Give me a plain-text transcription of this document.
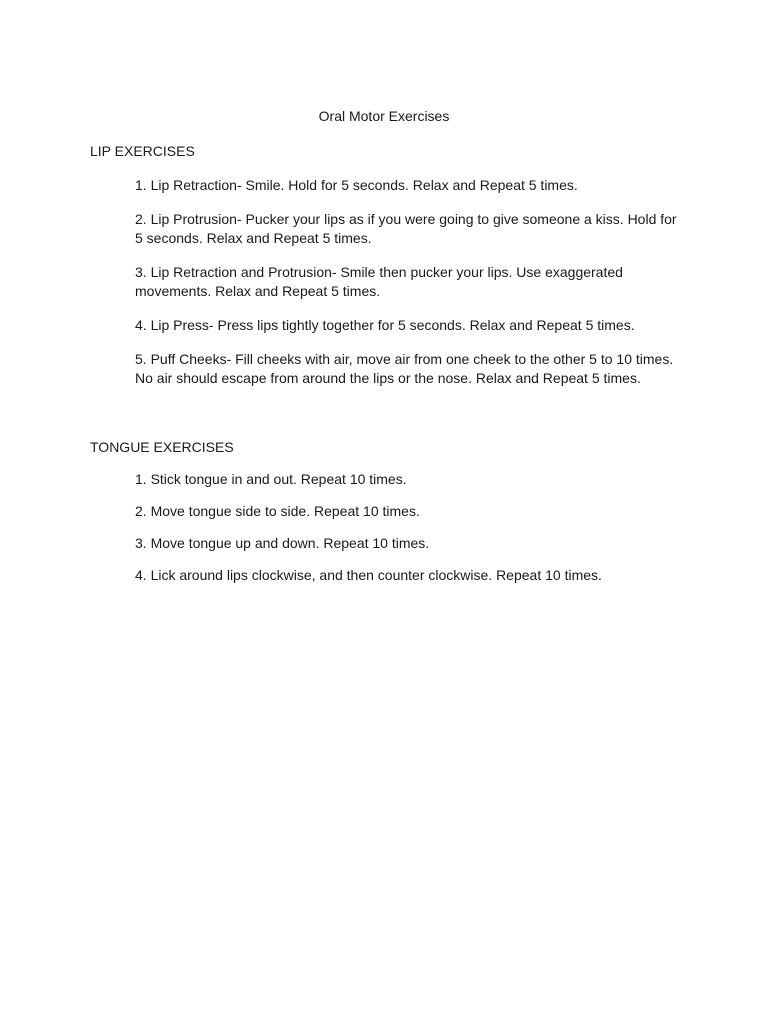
Oral Motor Exercises
LIP EXERCISES
1. Lip Retraction- Smile. Hold for 5 seconds. Relax and Repeat 5 times.
2. Lip Protrusion- Pucker your lips as if you were going to give someone a kiss. Hold for 5 seconds. Relax and Repeat 5 times.
3. Lip Retraction and Protrusion- Smile then pucker your lips. Use exaggerated movements. Relax and Repeat 5 times.
4. Lip Press- Press lips tightly together for 5 seconds. Relax and Repeat 5 times.
5. Puff Cheeks- Fill cheeks with air, move air from one cheek to the other 5 to 10 times. No air should escape from around the lips or the nose. Relax and Repeat 5 times.
TONGUE EXERCISES
1. Stick tongue in and out. Repeat 10 times.
2. Move tongue side to side. Repeat 10 times.
3. Move tongue up and down. Repeat 10 times.
4. Lick around lips clockwise, and then counter clockwise. Repeat 10 times.
